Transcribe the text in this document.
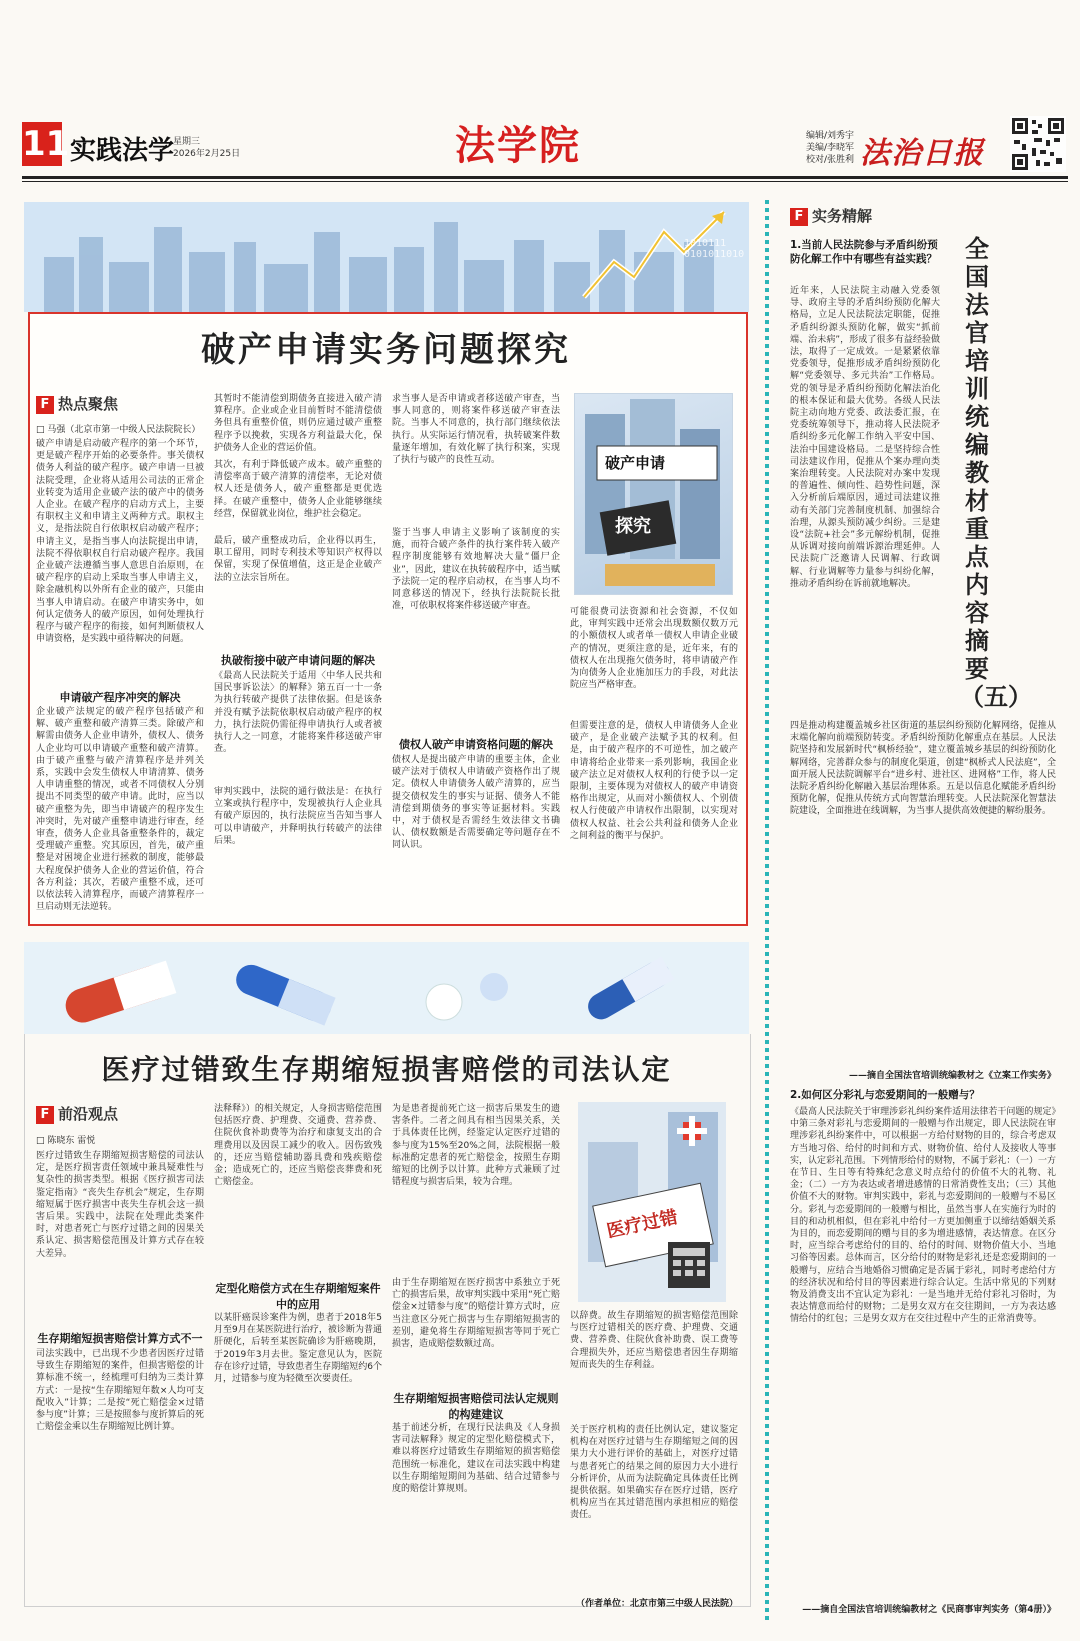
11 实践法学
星期三
2026年2月25日	法学院	编辑/刘秀宇
美编/李晓军
校对/张胜利 法治日报
1010111 0101011010
破产申请实务问题探究
F 热点聚焦
□ 马强（北京市第一中级人民法院院长）
破产申请是启动破产程序的第一个环节，更是破产程序开始的必要条件。事关债权债务人利益的破产程序。破产申请一旦被法院受理，企业将从适用公司法的正常企业转变为适用企业破产法的破产中的债务人企业。在破产程序的启动方式上，主要有职权主义和申请主义两种方式。职权主义，是指法院自行依职权启动破产程序；申请主义，是指当事人向法院提出申请，法院不得依职权自行启动破产程序。我国企业破产法遵循当事人意思自治原则，在破产程序的启动上采取当事人申请主义，除金融机构以外所有企业的破产，只能由当事人申请启动。在破产申请实务中，如何认定债务人的破产原因，如何处理执行程序与破产程序的衔接，如何判断债权人申请资格，是实践中亟待解决的问题。
申请破产程序冲突的解决
企业破产法规定的破产程序包括破产和解、破产重整和破产清算三类。除破产和解需由债务人企业申请外，债权人、债务人企业均可以申请破产重整和破产清算。由于破产重整与破产清算程序是并列关系，实践中会发生债权人申请清算、债务人申请重整的情况，或者不同债权人分别提出不同类型的破产申请。此时，应当以破产重整为先，即当申请破产的程序发生冲突时，先对破产重整申请进行审查，经审查，债务人企业具备重整条件的，裁定受理破产重整。究其原因，首先，破产重整是对困境企业进行拯救的制度，能够最大程度保护债务人企业的营运价值，符合各方利益；其次，若破产重整不成，还可以依法转入清算程序，而破产清算程序一旦启动则无法逆转。
其暂时不能清偿到期债务直接进入破产清算程序。企业或企业目前暂时不能清偿债务但具有重整价值，则仍应通过破产重整程序予以挽救，实现各方利益最大化，保护债务人企业的营运价值。
其次，有利于降低破产成本。破产重整的清偿率高于破产清算的清偿率，无论对债权人还是债务人，破产重整都是更优选择。在破产重整中，债务人企业能够继续经营，保留就业岗位，维护社会稳定。
最后，破产重整成功后，企业得以再生，职工留用，同时专利技术等知识产权得以保留，实现了保值增值，这正是企业破产法的立法宗旨所在。
执破衔接中破产申请问题的解决
《最高人民法院关于适用〈中华人民共和国民事诉讼法〉的解释》第五百一十一条为执行转破产提供了法律依据。但是该条并没有赋予法院依职权启动破产程序的权力，执行法院仍需征得申请执行人或者被执行人之一同意，才能将案件移送破产审查。
审判实践中，法院的通行做法是：在执行立案或执行程序中，发现被执行人企业具有破产原因的，执行法院应当告知当事人可以申请破产，并释明执行转破产的法律后果。
求当事人是否申请或者移送破产审查，当事人同意的，则将案件移送破产审查法院。当事人不同意的，执行部门继续依法执行。从实际运行情况看，执转破案件数量逐年增加，有效化解了执行积案，实现了执行与破产的良性互动。
鉴于当事人申请主义影响了该制度的实施，而符合破产条件的执行案件转入破产程序制度能够有效地解决大量“僵尸企业”，因此，建议在执转破程序中，适当赋予法院一定的程序启动权，在当事人均不同意移送的情况下，经执行法院院长批准，可依职权将案件移送破产审查。
债权人破产申请资格问题的解决
债权人是提出破产申请的重要主体，企业破产法对于债权人申请破产资格作出了规定。债权人申请债务人破产清算的，应当提交债权发生的事实与证据、债务人不能清偿到期债务的事实等证据材料。实践中，对于债权是否需经生效法律文书确认、债权数额是否需要确定等问题存在不同认识。
破产申请
探究
可能很费司法资源和社会资源，不仅如此，审判实践中还常会出现数额仅数万元的小额债权人或者单一债权人申请企业破产的情况，更须注意的是，近年来，有的债权人在出现拖欠债务时，将申请破产作为向债务人企业施加压力的手段，对此法院应当严格审查。
但需要注意的是，债权人申请债务人企业破产，是企业破产法赋予其的权利。但是，由于破产程序的不可逆性，加之破产申请将给企业带来一系列影响，我国企业破产法立足对债权人权利的行使予以一定限制，主要体现为对债权人的破产申请资格作出规定，从而对小额债权人、个别债权人行使破产申请权作出限制，以实现对债权人权益、社会公共利益和债务人企业之间利益的衡平与保护。
医疗过错致生存期缩短损害赔偿的司法认定
F 前沿观点
□ 陈晓东 雷悦
医疗过错致生存期缩短损害赔偿的司法认定，是医疗损害责任领域中兼具疑难性与复杂性的损害类型。根据《医疗损害司法鉴定指南》“丧失生存机会”规定，生存期缩短属于医疗损害中丧失生存机会这一损害后果。实践中，法院在处理此类案件时，对患者死亡与医疗过错之间的因果关系认定、损害赔偿范围及计算方式存在较大差异。
生存期缩短损害赔偿计算方式不一
司法实践中，已出现不少患者因医疗过错导致生存期缩短的案件，但损害赔偿的计算标准不统一，经梳理可归纳为三类计算方式：一是按“生存期缩短年数×人均可支配收入”计算；二是按“死亡赔偿金×过错参与度”计算；三是按照参与度折算后的死亡赔偿金乘以生存期缩短比例计算。
法释释》）的相关规定，人身损害赔偿范围包括医疗费、护理费、交通费、营养费、住院伙食补助费等为治疗和康复支出的合理费用以及因误工减少的收入。因伤致残的，还应当赔偿辅助器具费和残疾赔偿金；造成死亡的，还应当赔偿丧葬费和死亡赔偿金。
定型化赔偿方式在生存期缩短案件中的应用
以某肝癌误诊案件为例，患者于2018年5月至9月在某医院进行治疗，被诊断为普通肝硬化，后转至某医院确诊为肝癌晚期，于2019年3月去世。鉴定意见认为，医院存在诊疗过错，导致患者生存期缩短约6个月，过错参与度为轻微至次要责任。
为是患者提前死亡这一损害后果发生的遗害条件。二者之间具有相当因果关系，关于具体责任比例，经鉴定认定医疗过错的参与度为15%至20%之间，法院根据一般标准酌定患者的死亡赔偿金，按照生存期缩短的比例予以计算。此种方式兼顾了过错程度与损害后果，较为合理。
由于生存期缩短在医疗损害中系独立于死亡的损害后果，故审判实践中采用“死亡赔偿金×过错参与度”的赔偿计算方式时，应当注意区分死亡损害与生存期缩短损害的差别，避免将生存期缩短损害等同于死亡损害，造成赔偿数额过高。
生存期缩短损害赔偿司法认定规则的构建建议
基于前述分析，在现行民法典及《人身损害司法解释》规定的定型化赔偿模式下，难以将医疗过错致生存期缩短的损害赔偿范围统一标准化，建议在司法实践中构建以生存期缩短期间为基础、结合过错参与度的赔偿计算规则。
医疗过错
以辞费。故生存期缩短的损害赔偿范围除与医疗过错相关的医疗费、护理费、交通费、营养费、住院伙食补助费、误工费等合理损失外，还应当赔偿患者因生存期缩短而丧失的生存利益。
关于医疗机构的责任比例认定，建议鉴定机构在对医疗过错与生存期缩短之间的因果力大小进行评价的基础上，对医疗过错与患者死亡的结果之间的原因力大小进行分析评价，从而为法院确定具体责任比例提供依据。如果确实存在医疗过错，医疗机构应当在其过错范围内承担相应的赔偿责任。
（作者单位：北京市第三中级人民法院）
F 实务精解
全国法官培训统编教材重点内容摘要（五）
1.当前人民法院参与矛盾纠纷预防化解工作中有哪些有益实践？
近年来，人民法院主动融入党委领导、政府主导的矛盾纠纷预防化解大格局，立足人民法院法定职能，促推矛盾纠纷源头预防化解，做实“抓前端、治未病”，形成了很多有益经验做法，取得了一定成效。一是紧紧依靠党委领导，促推形成矛盾纠纷预防化解“党委领导、多元共治”工作格局。党的领导是矛盾纠纷预防化解法治化的根本保证和最大优势。各级人民法院主动向地方党委、政法委汇报，在党委统筹领导下，推动将人民法院矛盾纠纷多元化解工作纳入平安中国、法治中国建设格局。二是坚持综合性司法建议作用，促推从个案办理向类案治理转变。人民法院对办案中发现的普遍性、倾向性、趋势性问题，深入分析前后端原因，通过司法建议推动有关部门完善制度机制、加强综合治理，从源头预防减少纠纷。三是建设“法院+社会”多元解纷机制，促推从诉调对接向前端诉源治理延伸。人民法院广泛邀请人民调解、行政调解、行业调解等力量参与纠纷化解，推动矛盾纠纷在诉前就地解决。
四是推动构建覆盖城乡社区街道的基层纠纷预防化解网络，促推从末端化解向前端预防转变。矛盾纠纷预防化解重点在基层。人民法院坚持和发展新时代“枫桥经验”，建立覆盖城乡基层的纠纷预防化解网络，完善群众参与的制度化渠道，创建“枫桥式人民法庭”，全面开展人民法院调解平台“进乡村、进社区、进网格”工作，将人民法院矛盾纠纷化解融入基层治理体系。五是以信息化赋能矛盾纠纷预防化解，促推从传统方式向智慧治理转变。人民法院深化智慧法院建设，全面推进在线调解，为当事人提供高效便捷的解纷服务。
——摘自全国法官培训统编教材之《立案工作实务》
2.如何区分彩礼与恋爱期间的一般赠与？
《最高人民法院关于审理涉彩礼纠纷案件适用法律若干问题的规定》中第三条对彩礼与恋爱期间的一般赠与作出规定，即人民法院在审理涉彩礼纠纷案件中，可以根据一方给付财物的目的，综合考虑双方当地习俗、给付的时间和方式、财物价值、给付人及接收人等事实，认定彩礼范围。下列情形给付的财物，不属于彩礼：（一）一方在节日、生日等有特殊纪念意义时点给付的价值不大的礼物、礼金；（二）一方为表达或者增进感情的日常消费性支出；（三）其他价值不大的财物。审判实践中，彩礼与恋爱期间的一般赠与不易区分。彩礼与恋爱期间的一般赠与相比，虽然当事人在实施行为时的目的和动机相似，但在彩礼中给付一方更加侧重于以缔结婚姻关系为目的，而恋爱期间的赠与目的多为增进感情，表达情意。在区分时，应当综合考虑给付的目的、给付的时间、财物价值大小、当地习俗等因素。总体而言，区分给付的财物是彩礼还是恋爱期间的一般赠与，应结合当地婚俗习惯确定是否属于彩礼，同时考虑给付方的经济状况和给付目的等因素进行综合认定。生活中常见的下列财物及消费支出不宜认定为彩礼：一是当地并无给付彩礼习俗时，为表达情意而给付的财物；二是男女双方在交往期间，一方为表达感情给付的红包；三是男女双方在交往过程中产生的正常消费等。
——摘自全国法官培训统编教材之《民商事审判实务（第4册）》
